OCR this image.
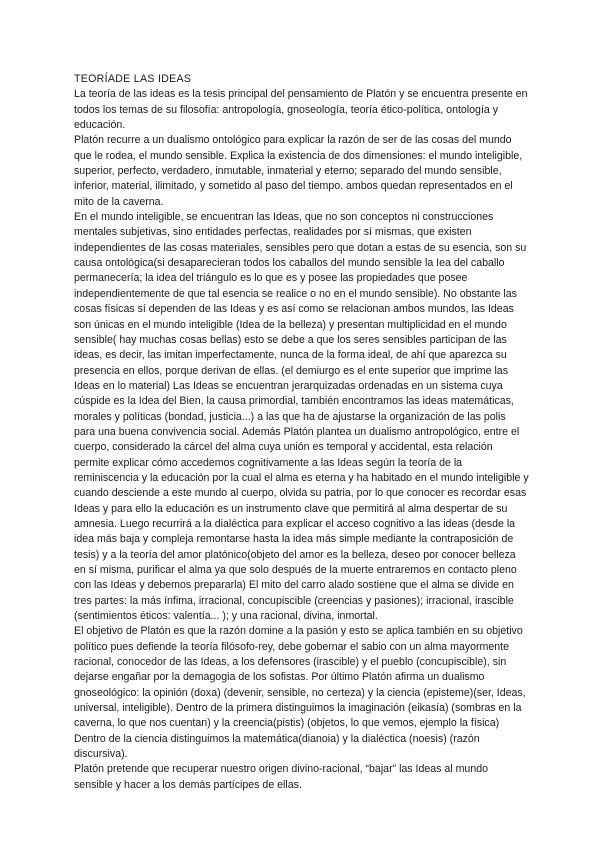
TEORÍADE LAS IDEAS

La teoría de las ideas es la tesis principal del pensamiento de Platón y se encuentra presente en todos los temas de su filosofía: antropología, gnoseología, teoría ético-política, ontología y educación.

Platón recurre a un dualismo ontológico para explicar la razón de ser de las cosas del mundo que le rodea, el mundo sensible. Explica la existencia de dos dimensiones: el mundo inteligible, superior, perfecto, verdadero, inmutable, inmaterial y eterno; separado del mundo sensible, inferior, material, ilimitado, y sometido al paso del tiempo. ambos quedan representados en el mito de la caverna.

En el mundo inteligible, se encuentran las Ideas, que no son conceptos ni construcciones mentales subjetivas, sino entidades perfectas, realidades por sí mismas, que existen independientes de las cosas materiales, sensibles pero que dotan a estas de su esencia, son su causa ontológica(si desaparecieran todos los caballos del mundo sensible la Iea del caballo permanecería; la idea del triángulo es lo que es y posee las propiedades que posee independientemente de que tal esencia se realice o no en el mundo sensible). No obstante las cosas físicas sí dependen de las Ideas y es así como se relacionan ambos mundos, las Ideas son únicas en el mundo inteligible (Idea de la belleza) y presentan multiplicidad en el mundo sensible( hay muchas cosas bellas) esto se debe a que los seres sensibles participan de las ideas, es decir, las imitan imperfectamente, nunca de la forma ideal, de ahí que aparezca su presencia en ellos, porque derivan de ellas. (el demiurgo es el ente superior que imprime las Ideas en lo material) Las Ideas se encuentran jerarquizadas ordenadas en un sistema cuya cúspide es la Idea del Bien, la causa primordial, también encontramos las ideas matemáticas, morales y políticas (bondad, justicia...) a las que ha de ajustarse la organización de las polis para una buena convivencia social. Además Platón plantea un dualismo antropológico, entre el cuerpo, considerado la cárcel del alma cuya unión es temporal y accidental, esta relación permite explicar cómo accedemos cognitivamente a las Ideas según la teoría de la reminiscencia y la educación por la cual el alma es eterna y ha habitado en el mundo inteligible y cuando desciende a este mundo al cuerpo, olvida su patria, por lo que conocer es recordar esas Ideas y para ello la educación es un instrumento clave que permitirá al alma despertar de su amnesia. Luego recurrirá a la dialéctica para explicar el acceso cognitivo a las ideas (desde la idea más baja y compleja remontarse hasta la idea más simple mediante la contraposición de tesis) y a la teoría del amor platónico(objeto del amor es la belleza, deseo por conocer belleza en sí misma, purificar el alma ya que solo después de la muerte entraremos en contacto pleno con las Ideas y debemos prepararla) El mito del carro alado sostiene que el alma se divide en tres partes: la más ínfima, irracional, concupiscible (creencias y pasiones); irracional, irascible (sentimientos éticos: valentía... ); y una racional, divina, inmortal.

El objetivo de Platón es que la razón domine a la pasión y esto se aplica también en su objetivo político pues defiende la teoría filósofo-rey, debe gobernar el sabio con un alma mayormente racional, conocedor de las Ideas, a los defensores (irascible) y el pueblo (concupiscible), sin dejarse engañar por la demagogia de los sofistas. Por último Platón afirma un dualismo gnoseológico: la opinión (doxa) (devenir, sensible, no certeza) y la ciencia (episteme)(ser, Ideas, universal, inteligible). Dentro de la primera distinguimos la imaginación (eikasía) (sombras en la caverna, lo que nos cuentan) y la creencia(pistis) (objetos, lo que vemos, ejemplo la física) Dentro de la ciencia distinguimos la matemática(dianoia) y la dialéctica (noesis) (razón discursiva).

Platón pretende que recuperar nuestro origen divino-racional, “bajar” las Ideas al mundo sensible y hacer a los demás partícipes de ellas.
